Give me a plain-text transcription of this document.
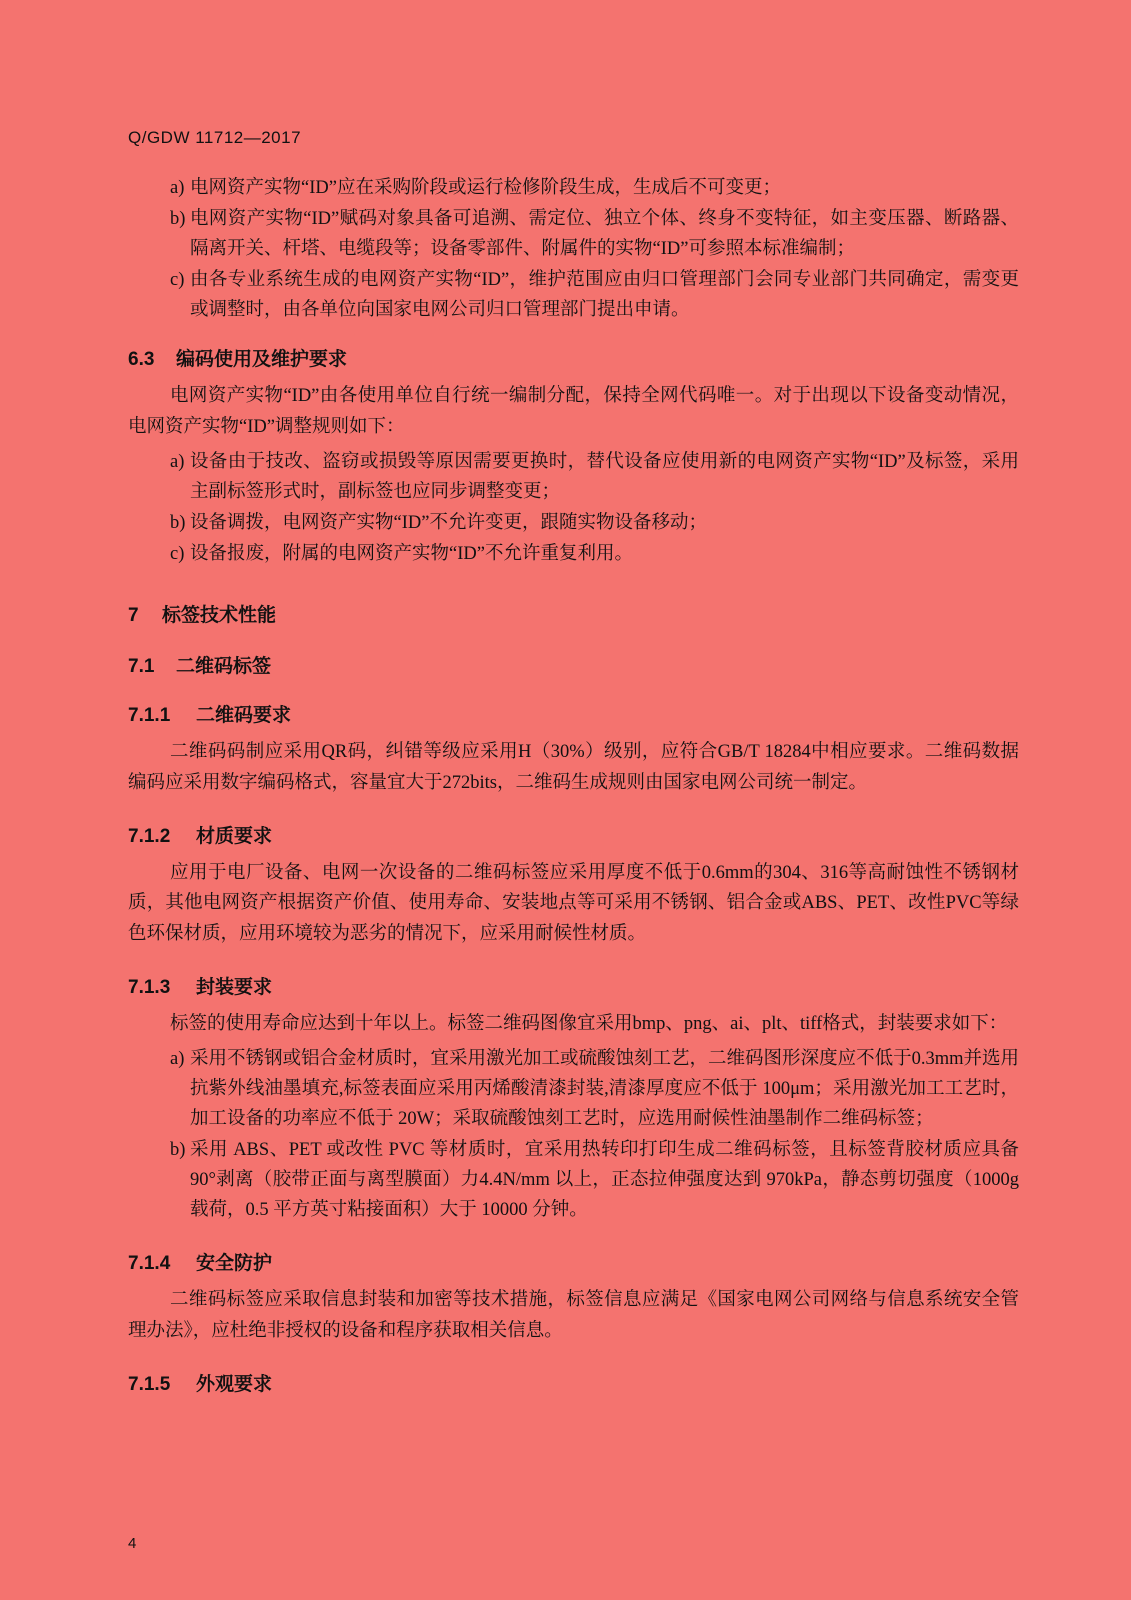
Q/GDW 11712—2017
a) 电网资产实物“ID”应在采购阶段或运行检修阶段生成，生成后不可变更；
b) 电网资产实物“ID”赋码对象具备可追溯、需定位、独立个体、终身不变特征，如主变压器、断路器、隔离开关、杆塔、电缆段等；设备零部件、附属件的实物“ID”可参照本标准编制；
c) 由各专业系统生成的电网资产实物“ID”，维护范围应由归口管理部门会同专业部门共同确定，需变更或调整时，由各单位向国家电网公司归口管理部门提出申请。
6.3 编码使用及维护要求

电网资产实物“ID”由各使用单位自行统一编制分配，保持全网代码唯一。对于出现以下设备变动情况，电网资产实物“ID”调整规则如下：

a) 设备由于技改、盗窃或损毁等原因需要更换时，替代设备应使用新的电网资产实物“ID”及标签，采用主副标签形式时，副标签也应同步调整变更；
b) 设备调拨，电网资产实物“ID”不允许变更，跟随实物设备移动；
c) 设备报废，附属的电网资产实物“ID”不允许重复利用。
7 标签技术性能
7.1 二维码标签
7.1.1 二维码要求

二维码码制应采用QR码，纠错等级应采用H（30%）级别，应符合GB/T 18284中相应要求。二维码数据编码应采用数字编码格式，容量宜大于272bits，二维码生成规则由国家电网公司统一制定。

7.1.2 材质要求

应用于电厂设备、电网一次设备的二维码标签应采用厚度不低于0.6mm的304、316等高耐蚀性不锈钢材质，其他电网资产根据资产价值、使用寿命、安装地点等可采用不锈钢、铝合金或ABS、PET、改性PVC等绿色环保材质，应用环境较为恶劣的情况下，应采用耐候性材质。

7.1.3 封装要求

标签的使用寿命应达到十年以上。标签二维码图像宜采用bmp、png、ai、plt、tiff格式，封装要求如下：

a) 采用不锈钢或铝合金材质时，宜采用激光加工或硫酸蚀刻工艺，二维码图形深度应不低于0.3mm并选用抗紫外线油墨填充,标签表面应采用丙烯酸清漆封装,清漆厚度应不低于 100μm；采用激光加工工艺时，加工设备的功率应不低于 20W；采取硫酸蚀刻工艺时，应选用耐候性油墨制作二维码标签；
b) 采用 ABS、PET 或改性 PVC 等材质时，宜采用热转印打印生成二维码标签，且标签背胶材质应具备 90°剥离（胶带正面与离型膜面）力4.4N/mm 以上，正态拉伸强度达到 970kPa，静态剪切强度（1000g 载荷，0.5 平方英寸粘接面积）大于 10000 分钟。
7.1.4 安全防护

二维码标签应采取信息封装和加密等技术措施，标签信息应满足《国家电网公司网络与信息系统安全管理办法》，应杜绝非授权的设备和程序获取相关信息。

7.1.5 外观要求
4
